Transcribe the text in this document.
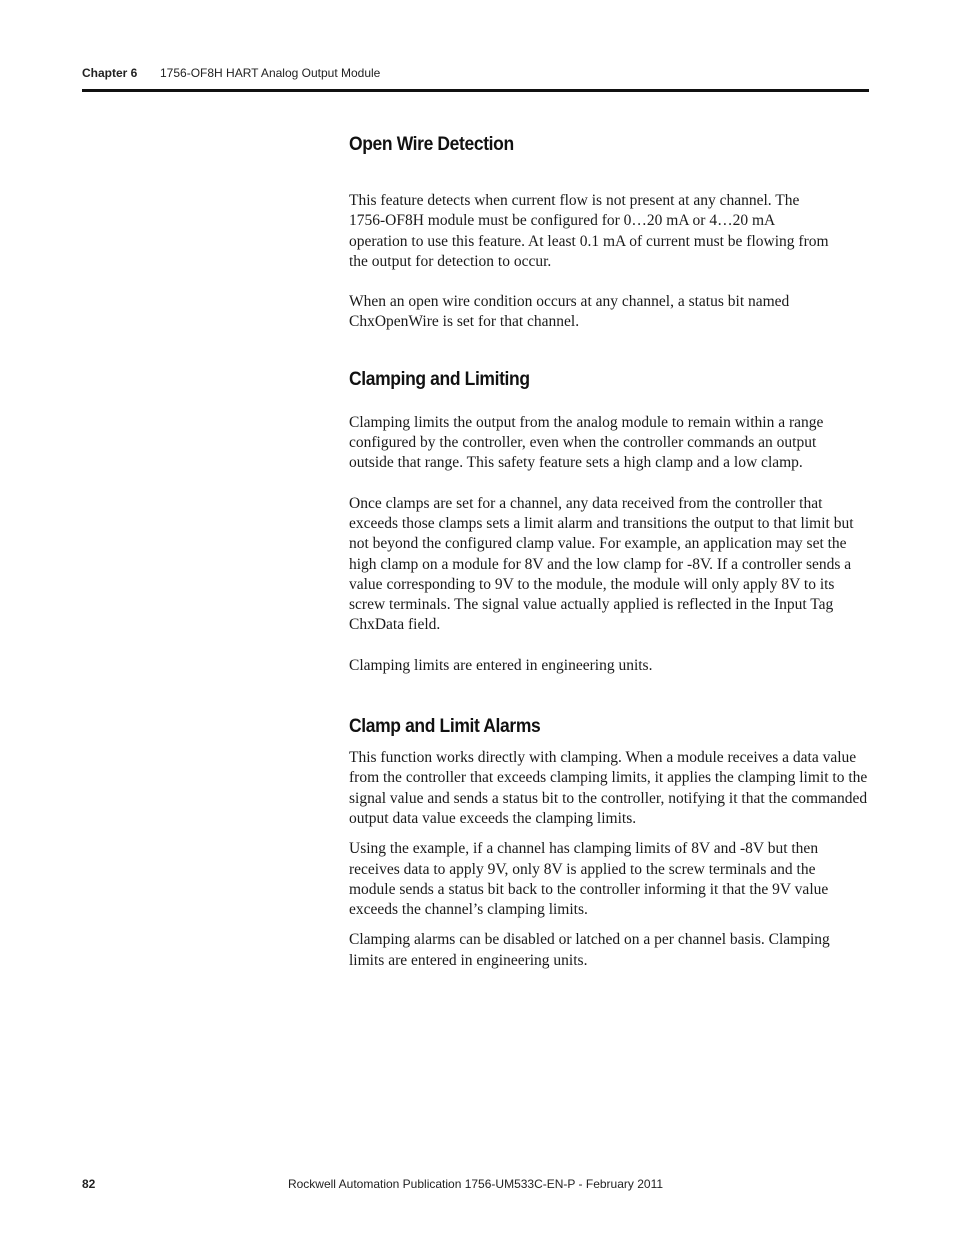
Chapter 6 1756-OF8H HART Analog Output Module
Open Wire Detection

This feature detects when current flow is not present at any channel. The 1756-OF8H module must be configured for 0…20 mA or 4…20 mA operation to use this feature. At least 0.1 mA of current must be flowing from the output for detection to occur.

When an open wire condition occurs at any channel, a status bit named ChxOpenWire is set for that channel.

Clamping and Limiting

Clamping limits the output from the analog module to remain within a range configured by the controller, even when the controller commands an output outside that range. This safety feature sets a high clamp and a low clamp.

Once clamps are set for a channel, any data received from the controller that exceeds those clamps sets a limit alarm and transitions the output to that limit but not beyond the configured clamp value. For example, an application may set the high clamp on a module for 8V and the low clamp for -8V. If a controller sends a value corresponding to 9V to the module, the module will only apply 8V to its screw terminals. The signal value actually applied is reflected in the Input Tag ChxData field.

Clamping limits are entered in engineering units.

Clamp and Limit Alarms

This function works directly with clamping. When a module receives a data value from the controller that exceeds clamping limits, it applies the clamping limit to the signal value and sends a status bit to the controller, notifying it that the commanded output data value exceeds the clamping limits.

Using the example, if a channel has clamping limits of 8V and -8V but then receives data to apply 9V, only 8V is applied to the screw terminals and the module sends a status bit back to the controller informing it that the 9V value exceeds the channel’s clamping limits.

Clamping alarms can be disabled or latched on a per channel basis. Clamping limits are entered in engineering units.

82	Rockwell Automation Publication 1756-UM533C-EN-P - February 2011
